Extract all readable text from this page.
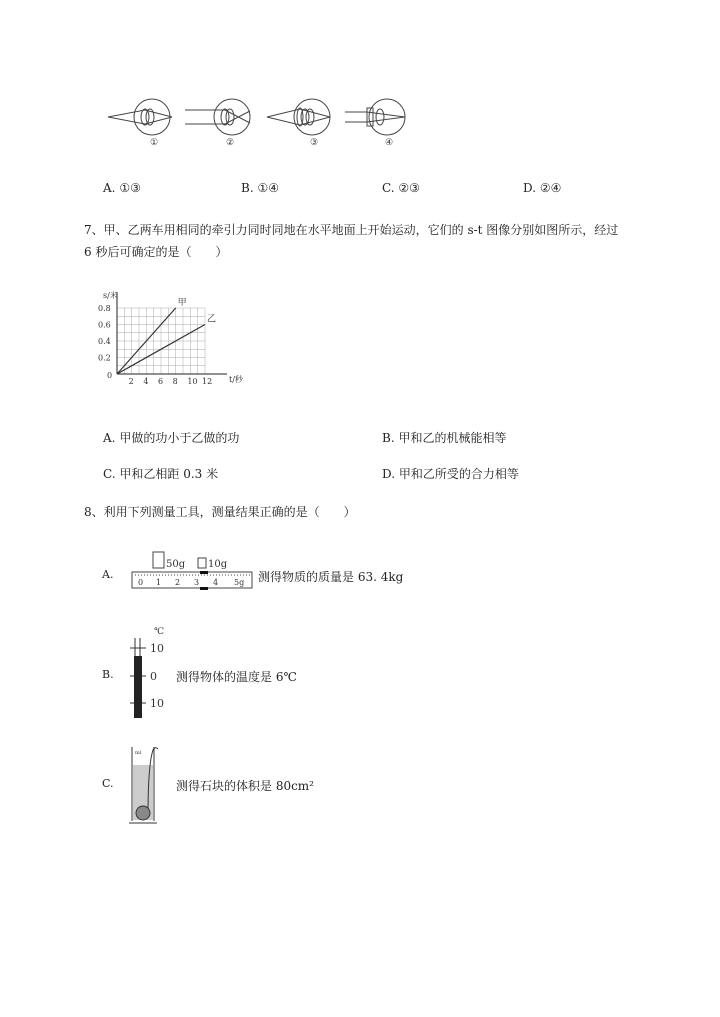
①	②	③	④
A. ①③	B. ①④	C. ②③	D. ②④
7、甲、乙两车用相同的牵引力同时同地在水平地面上开始运动，它们的 s-t 图像分别如图所示，经过
6 秒后可确定的是（　　）
甲
乙
0.8
0.6
0.4
0.2
2 4 6 8 10 12
0
s/米
t/秒
A. 甲做的功小于乙做的功	B. 甲和乙的机械能相等
C. 甲和乙相距 0.3 米	D. 甲和乙所受的合力相等
8、利用下列测量工具，测量结果正确的是（　　）
A.
50g 10g
0 1 2 3 4 5g 测得物质的质量是 63. 4kg
B.
℃
10
0
10
测得物体的温度是 6℃
C.
ml
测得石块的体积是 80cm²
